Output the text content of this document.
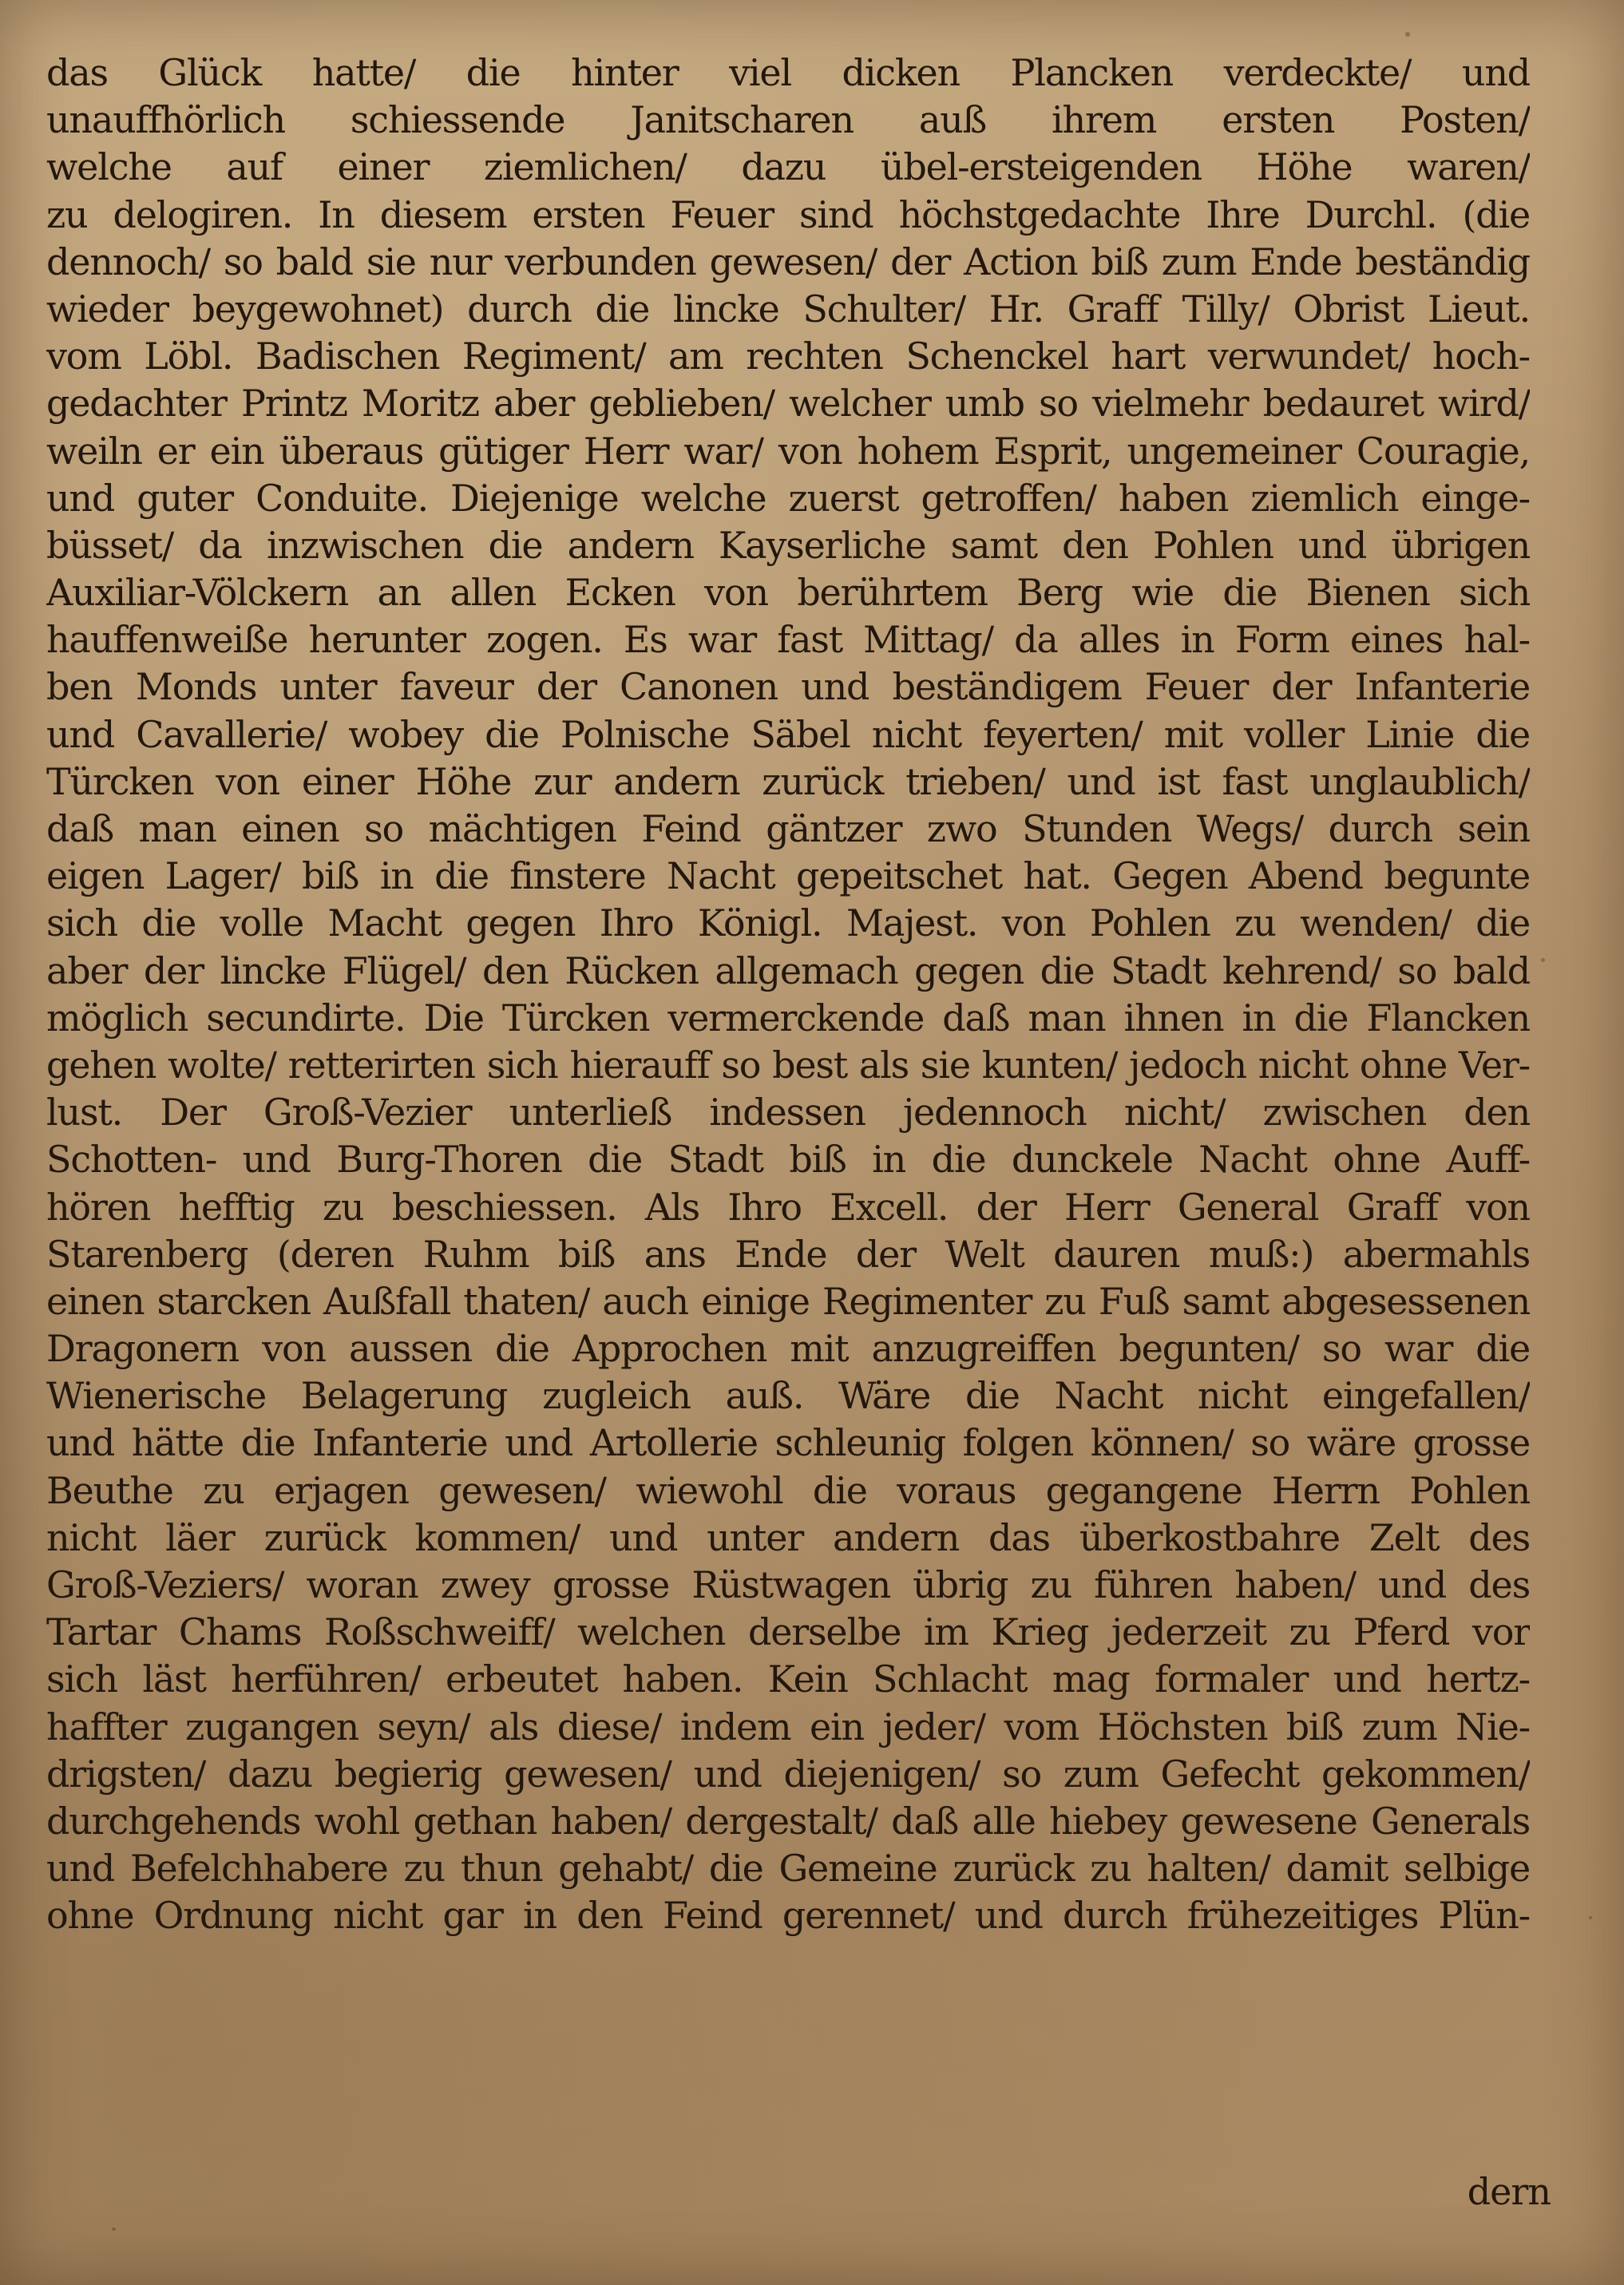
das Glück hatte/ die hinter viel dicken Plancken verdeckte/ und
unauffhörlich schiessende Janitscharen auß ihrem ersten Posten/
welche auf einer ziemlichen/ dazu übel-ersteigenden Höhe waren/
zu delogiren. In diesem ersten Feuer sind höchstgedachte Ihre Durchl. (die
dennoch/ so bald sie nur verbunden gewesen/ der Action biß zum Ende beständig
wieder beygewohnet) durch die lincke Schulter/ Hr. Graff Tilly/ Obrist Lieut.
vom Löbl. Badischen Regiment/ am rechten Schenckel hart verwundet/ hoch-
gedachter Printz Moritz aber geblieben/ welcher umb so vielmehr bedauret wird/
weiln er ein überaus gütiger Herr war/ von hohem Esprit, ungemeiner Couragie,
und guter Conduite. Diejenige welche zuerst getroffen/ haben ziemlich einge-
büsset/ da inzwischen die andern Kayserliche samt den Pohlen und übrigen
Auxiliar-Völckern an allen Ecken von berührtem Berg wie die Bienen sich
hauffenweiße herunter zogen. Es war fast Mittag/ da alles in Form eines hal-
ben Monds unter faveur der Canonen und beständigem Feuer der Infanterie
und Cavallerie/ wobey die Polnische Säbel nicht feyerten/ mit voller Linie die
Türcken von einer Höhe zur andern zurück trieben/ und ist fast unglaublich/
daß man einen so mächtigen Feind gäntzer zwo Stunden Wegs/ durch sein
eigen Lager/ biß in die finstere Nacht gepeitschet hat. Gegen Abend begunte
sich die volle Macht gegen Ihro Königl. Majest. von Pohlen zu wenden/ die
aber der lincke Flügel/ den Rücken allgemach gegen die Stadt kehrend/ so bald
möglich secundirte. Die Türcken vermerckende daß man ihnen in die Flancken
gehen wolte/ retterirten sich hierauff so best als sie kunten/ jedoch nicht ohne Ver-
lust. Der Groß-Vezier unterließ indessen jedennoch nicht/ zwischen den
Schotten- und Burg-Thoren die Stadt biß in die dunckele Nacht ohne Auff-
hören hefftig zu beschiessen. Als Ihro Excell. der Herr General Graff von
Starenberg (deren Ruhm biß ans Ende der Welt dauren muß:) abermahls
einen starcken Außfall thaten/ auch einige Regimenter zu Fuß samt abgesessenen
Dragonern von aussen die Approchen mit anzugreiffen begunten/ so war die
Wienerische Belagerung zugleich auß. Wäre die Nacht nicht eingefallen/
und hätte die Infanterie und Artollerie schleunig folgen können/ so wäre grosse
Beuthe zu erjagen gewesen/ wiewohl die voraus gegangene Herrn Pohlen
nicht läer zurück kommen/ und unter andern das überkostbahre Zelt des
Groß-Veziers/ woran zwey grosse Rüstwagen übrig zu führen haben/ und des
Tartar Chams Roßschweiff/ welchen derselbe im Krieg jederzeit zu Pferd vor
sich läst herführen/ erbeutet haben. Kein Schlacht mag formaler und hertz-
haffter zugangen seyn/ als diese/ indem ein jeder/ vom Höchsten biß zum Nie-
drigsten/ dazu begierig gewesen/ und diejenigen/ so zum Gefecht gekommen/
durchgehends wohl gethan haben/ dergestalt/ daß alle hiebey gewesene Generals
und Befelchhabere zu thun gehabt/ die Gemeine zurück zu halten/ damit selbige
ohne Ordnung nicht gar in den Feind gerennet/ und durch frühezeitiges Plün-
dern
